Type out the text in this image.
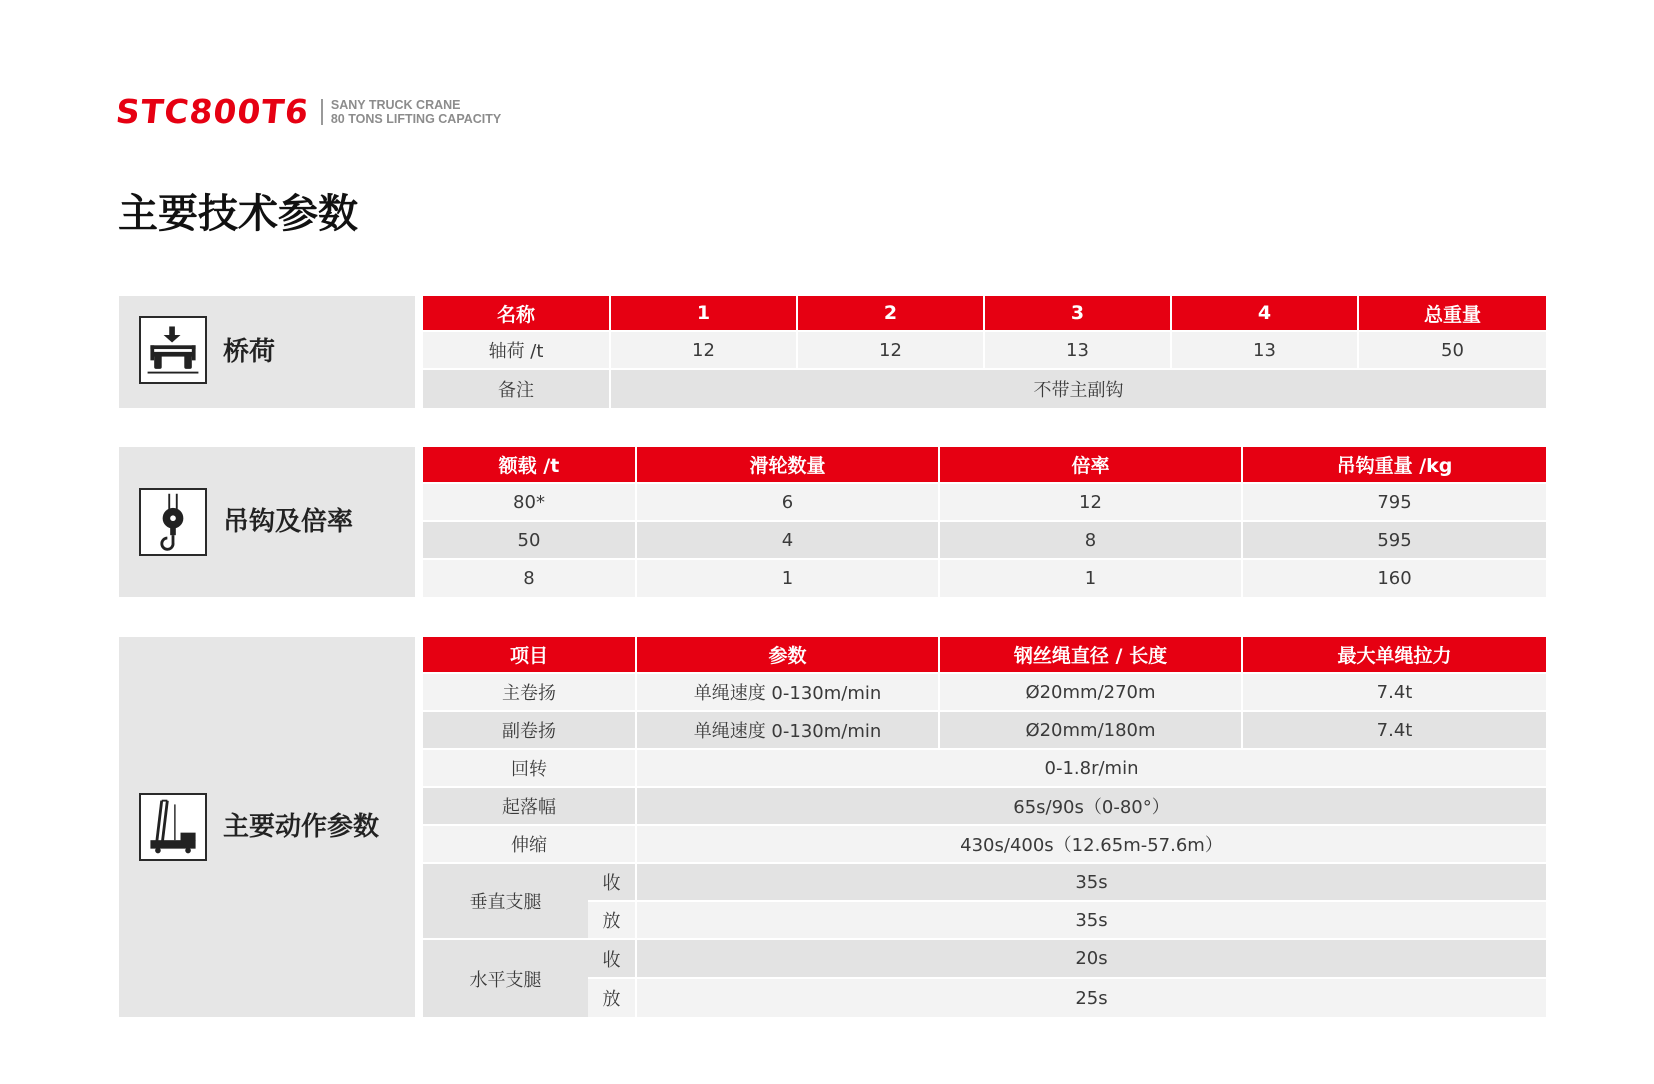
STC800T6 SANY TRUCK CRANE
80 TONS LIFTING CAPACITY
主要技术参数
桥荷
名称	1	2	3	4	总重量
轴荷 /t	12	12	13	13	50
备注	不带主副钩
吊钩及倍率
额载 /t	滑轮数量	倍率	吊钩重量 /kg
80*	6	12	795
50	4	8	595
8	1	1	160
主要动作参数
项目	参数	钢丝绳直径 / 长度	最大单绳拉力
主卷扬	单绳速度 0-130m/min	Ø20mm/270m	7.4t
副卷扬	单绳速度 0-130m/min	Ø20mm/180m	7.4t
回转	0-1.8r/min
起落幅	65s/90s（0-80°）
伸缩	430s/400s（12.65m-57.6m）
垂直支腿
收	35s
放	35s
水平支腿
收	20s
放	25s
